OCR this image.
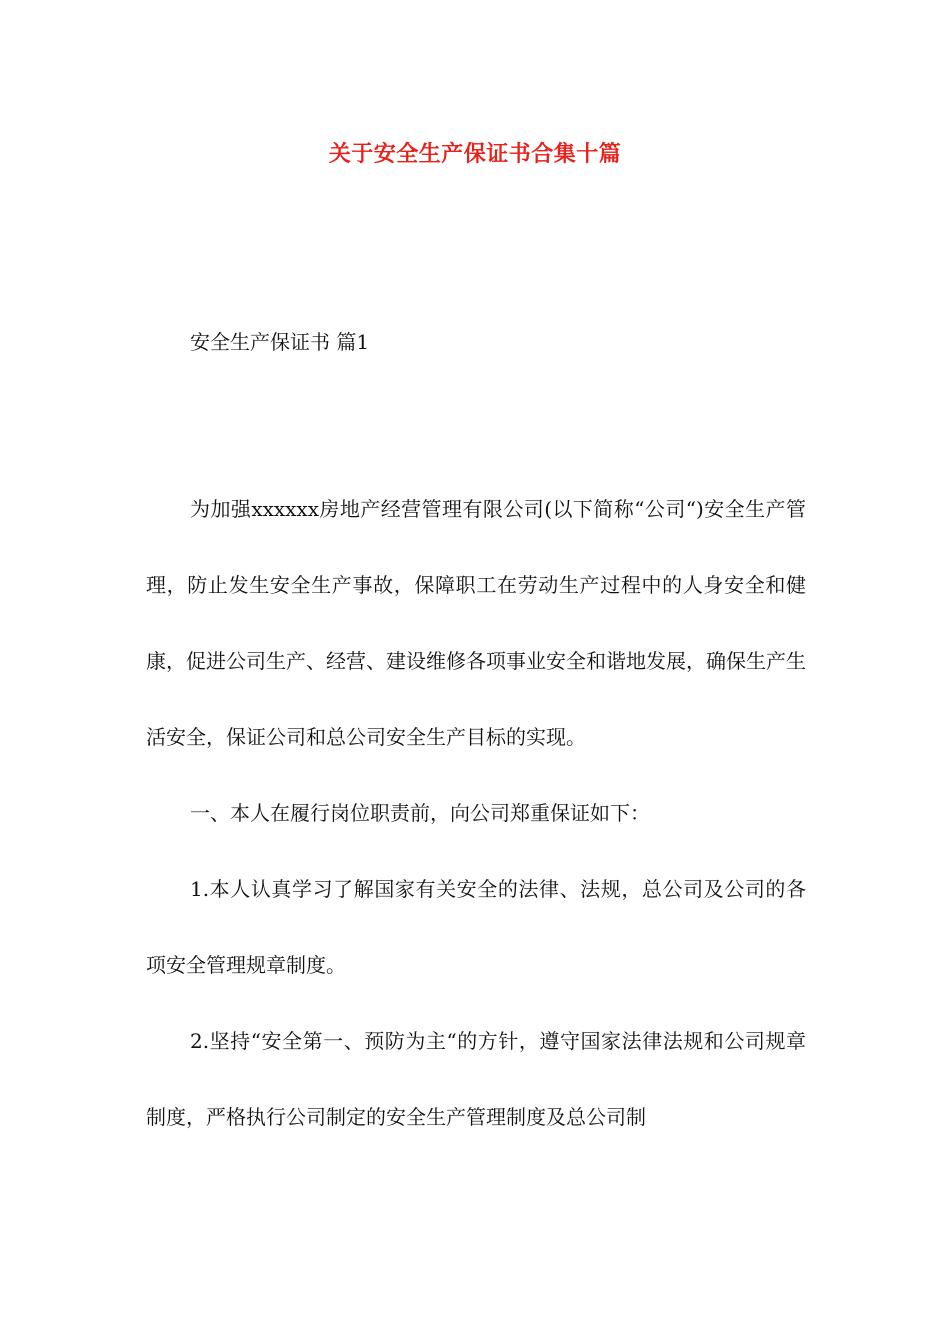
关于安全生产保证书合集十篇
安全生产保证书 篇1

为加强xxxxxx房地产经营管理有限公司(以下简称“公司“)安全生产管理，防止发生安全生产事故，保障职工在劳动生产过程中的人身安全和健康，促进公司生产、经营、建设维修各项事业安全和谐地发展，确保生产生活安全，保证公司和总公司安全生产目标的实现。

一、本人在履行岗位职责前，向公司郑重保证如下：

1.本人认真学习了解国家有关安全的法律、法规，总公司及公司的各项安全管理规章制度。

2.坚持“安全第一、预防为主“的方针，遵守国家法律法规和公司规章制度，严格执行公司制定的安全生产管理制度及总公司制
